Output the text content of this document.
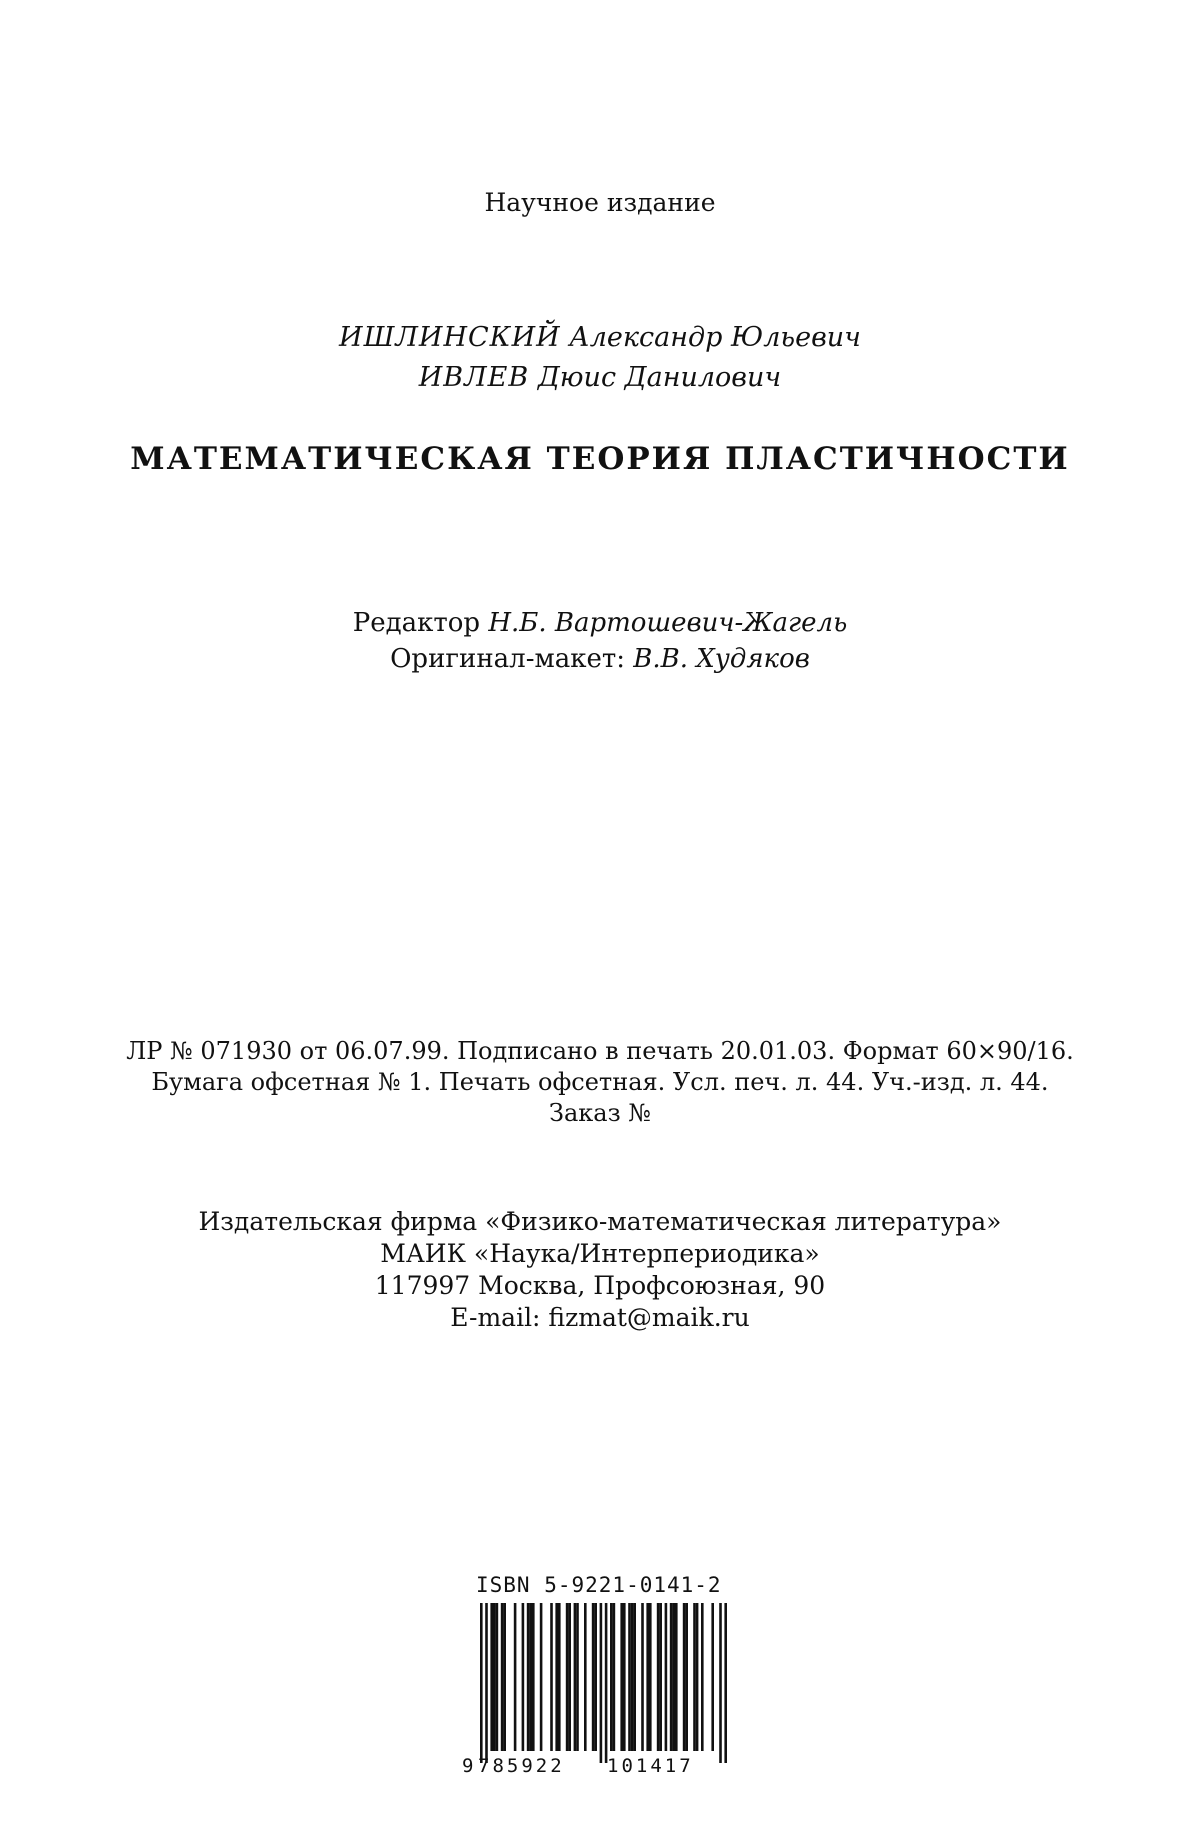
Научное издание
ИШЛИНСКИЙ Александр Юльевич
ИВЛЕВ Дюис Данилович
МАТЕМАТИЧЕСКАЯ ТЕОРИЯ ПЛАСТИЧНОСТИ
Редактор Н.Б. Вартошевич-Жагель
Оригинал-макет: В.В. Худяков
ЛР № 071930 от 06.07.99. Подписано в печать 20.01.03. Формат 60×90/16.
Бумага офсетная № 1. Печать офсетная. Усл. печ. л. 44. Уч.-изд. л. 44.
Заказ №
Издательская фирма «Физико-математическая литература»
МАИК «Наука/Интерпериодика»
117997 Москва, Профсоюзная, 90
E-mail: fizmat@maik.ru
ISBN 5-9221-0141-2
9 785922 101417
